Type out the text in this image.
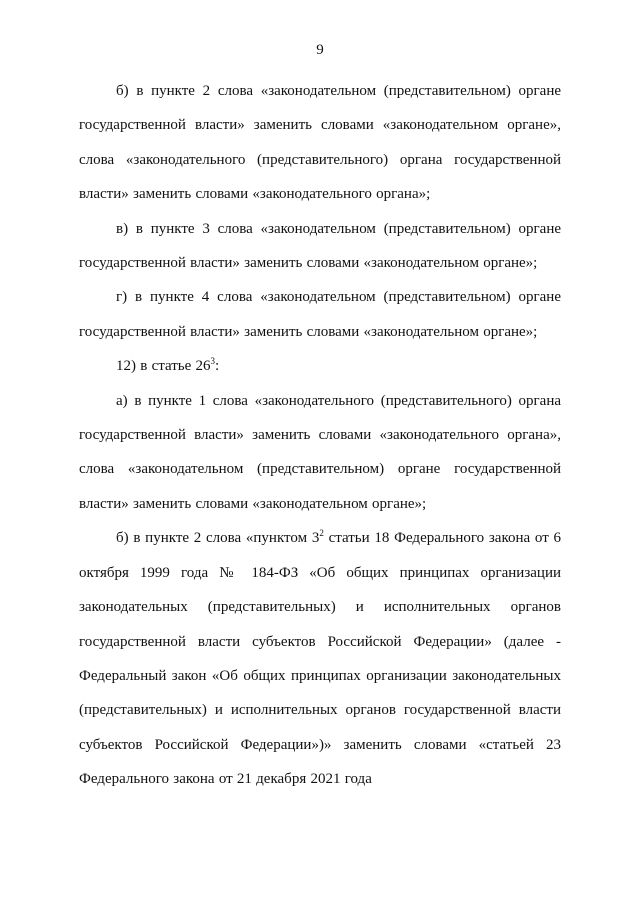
9

б) в пункте 2 слова «законодательном (представительном) органе государственной власти» заменить словами «законодательном органе», слова «законодательного (представительного) органа государственной власти» заменить словами «законодательного органа»;

в) в пункте 3 слова «законодательном (представительном) органе государственной власти» заменить словами «законодательном органе»;

г) в пункте 4 слова «законодательном (представительном) органе государственной власти» заменить словами «законодательном органе»;

12) в статье $26^3$:

а) в пункте 1 слова «законодательного (представительного) органа государственной власти» заменить словами «законодательного органа», слова «законодательном (представительном) органе государственной власти» заменить словами «законодательном органе»;

б) в пункте 2 слова «пунктом $3^2$ статьи 18 Федерального закона от 6 октября 1999 года № 184-ФЗ «Об общих принципах организации законодательных (представительных) и исполнительных органов государственной власти субъектов Российской Федерации» (далее - Федеральный закон «Об общих принципах организации законодательных (представительных) и исполнительных органов государственной власти субъектов Российской Федерации»)» заменить словами «статьей 23 Федерального закона от 21 декабря 2021 года
